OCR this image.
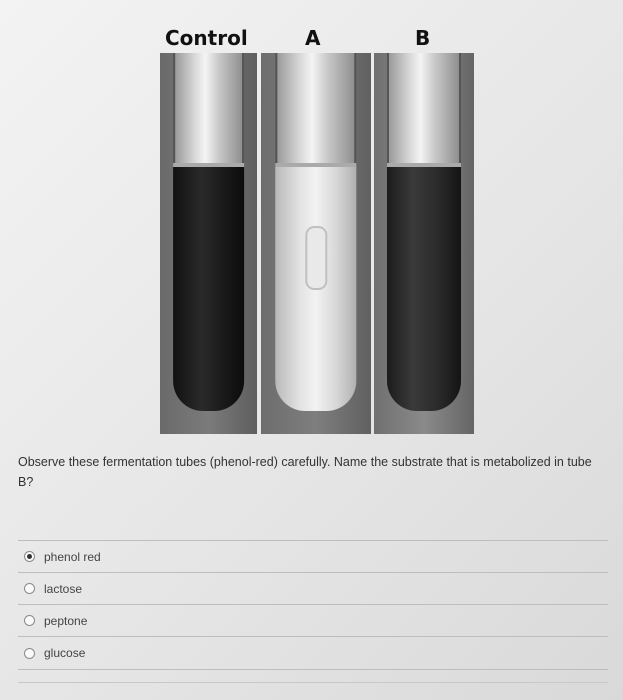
Control	A	B
Observe these fermentation tubes (phenol-red) carefully. Name the substrate that is metabolized in tube B?
phenol red
lactose
peptone
glucose
